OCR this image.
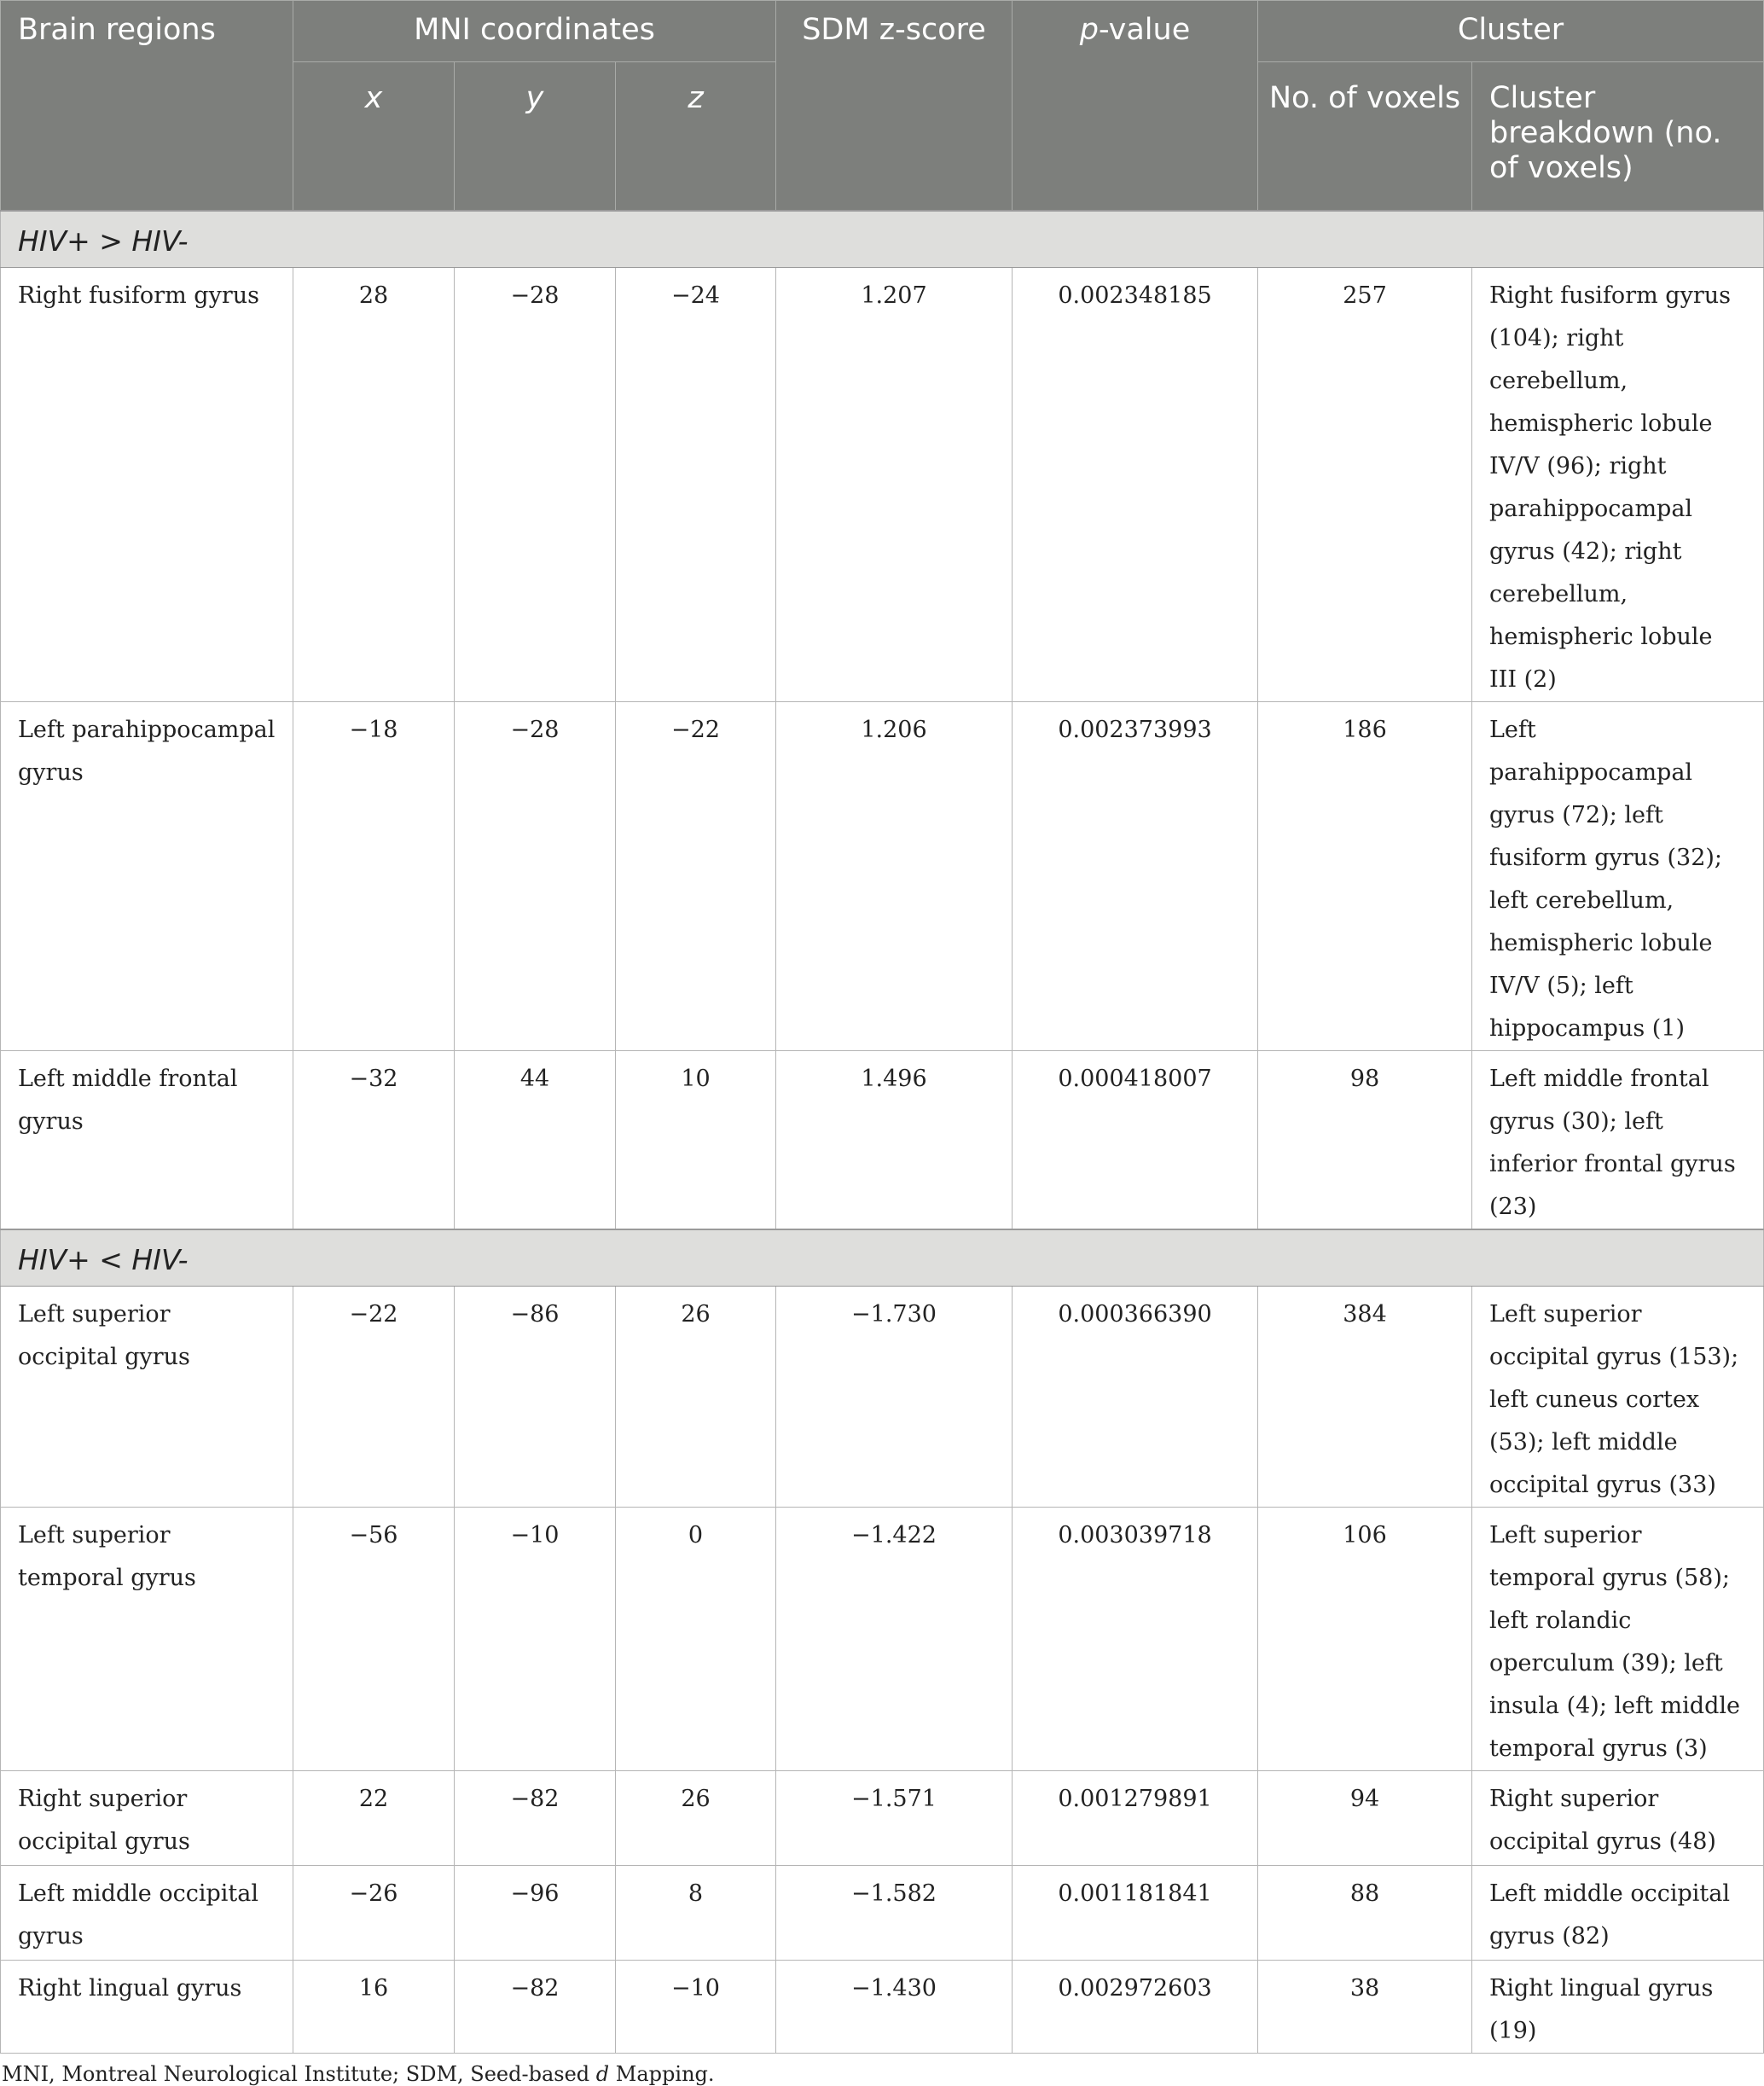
Brain regions	MNI coordinates			SDM z-score	p-value	Cluster	
	x	y	z			No. of voxels	Cluster breakdown (no. of voxels)
HIV+ > HIV-							
Right fusiform gyrus	28	−28	−24	1.207	0.002348185	257	Right fusiform gyrus (104); right cerebellum, hemispheric lobule IV/V (96); right parahippocampal gyrus (42); right cerebellum, hemispheric lobule III (2)
Left parahippocampal gyrus	−18	−28	−22	1.206	0.002373993	186	Left parahippocampal gyrus (72); left fusiform gyrus (32); left cerebellum, hemispheric lobule IV/V (5); left hippocampus (1)
Left middle frontal gyrus	−32	44	10	1.496	0.000418007	98	Left middle frontal gyrus (30); left inferior frontal gyrus (23)
HIV+ < HIV-							
Left superior occipital gyrus	−22	−86	26	−1.730	0.000366390	384	Left superior occipital gyrus (153); left cuneus cortex (53); left middle occipital gyrus (33)
Left superior temporal gyrus	−56	−10	0	−1.422	0.003039718	106	Left superior temporal gyrus (58); left rolandic operculum (39); left insula (4); left middle temporal gyrus (3)
Right superior occipital gyrus	22	−82	26	−1.571	0.001279891	94	Right superior occipital gyrus (48)
Left middle occipital gyrus	−26	−96	8	−1.582	0.001181841	88	Left middle occipital gyrus (82)
Right lingual gyrus	16	−82	−10	−1.430	0.002972603	38	Right lingual gyrus (19)
MNI, Montreal Neurological Institute; SDM, Seed-based d Mapping.
